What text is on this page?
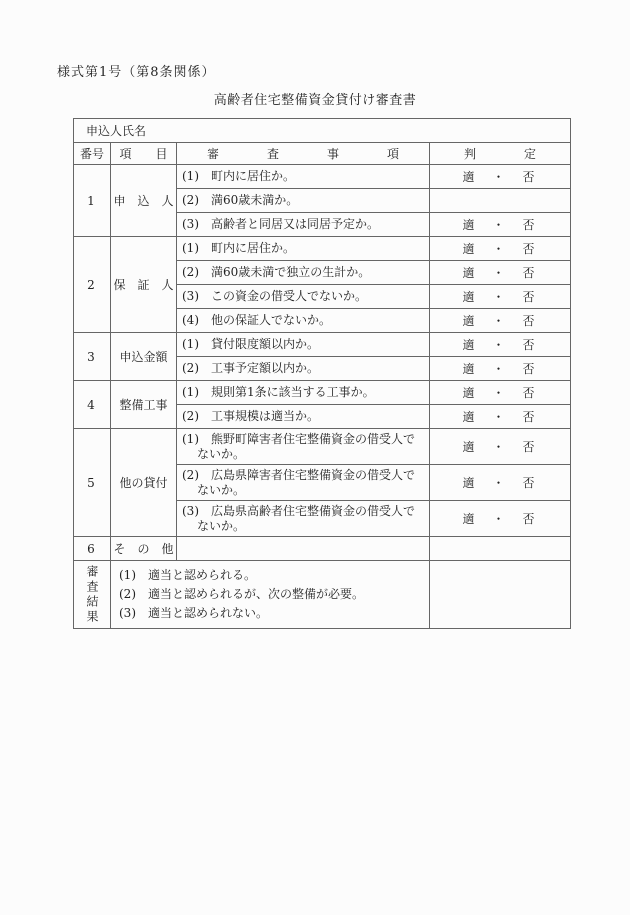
様式第1号（第8条関係）
高齢者住宅整備資金貸付け審査書
申込人氏名			
番号	項　　目	審　　　　査　　　　事　　　　項	判　　　　定
1	申　込　人	(1)　町内に居住か。	適　・　否
		(2)　満60歳未満か。	
		(3)　高齢者と同居又は同居予定か。	適　・　否
2	保　証　人	(1)　町内に居住か。	適　・　否
		(2)　満60歳未満で独立の生計か。	適　・　否
		(3)　この資金の借受人でないか。	適　・　否
		(4)　他の保証人でないか。	適　・　否
3	申込金額	(1)　貸付限度額以内か。	適　・　否
		(2)　工事予定額以内か。	適　・　否
4	整備工事	(1)　規則第1条に該当する工事か。	適　・　否
		(2)　工事規模は適当か。	適　・　否
5	他の貸付	(1)　熊野町障害者住宅整備資金の借受人でないか。	適　・　否
		(2)　広島県障害者住宅整備資金の借受人でないか。	適　・　否
		(3)　広島県高齢者住宅整備資金の借受人でないか。	適　・　否
6	そ　の　他		

審査結果	(1)　適当と認められる。
(2)　適当と認められるが、次の整備が必要。
(3)　適当と認められない。		
